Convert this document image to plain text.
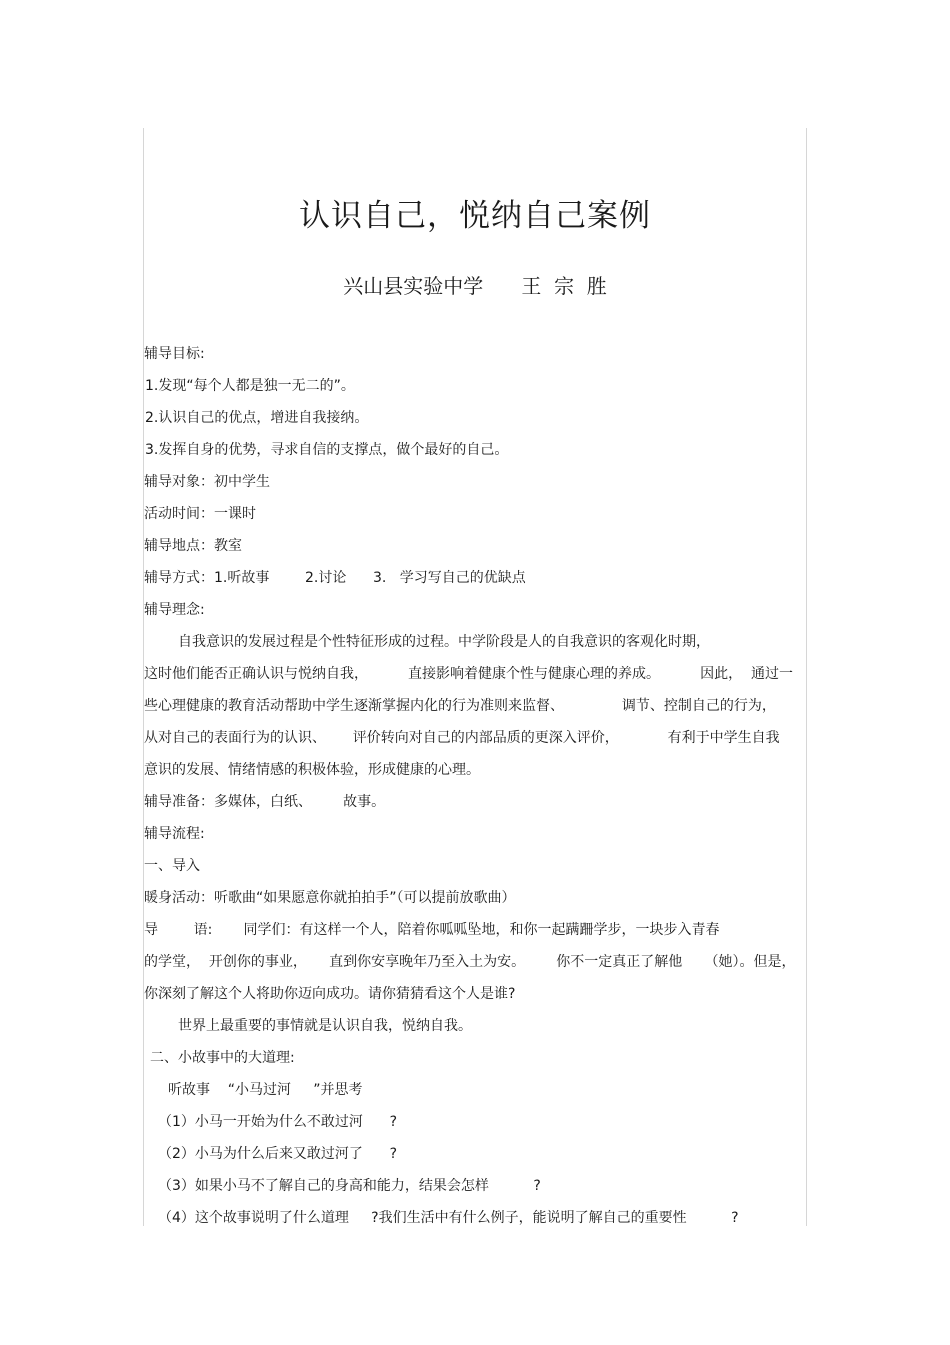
认识自己，悦纳自己案例
兴山县实验中学 王  宗  胜
辅导目标:
1.发现“每个人都是独一无二的”。
2.认识自己的优点，增进自我接纳。
3.发挥自身的优势，寻求自信的支撑点，做个最好的自己。
辅导对象：初中学生
活动时间：一课时
辅导地点：教室
辅导方式：1.听故事        2.讨论      3.   学习写自己的优缺点
辅导理念:
自我意识的发展过程是个性特征形成的过程。中学阶段是人的自我意识的客观化时期，
这时他们能否正确认识与悦纳自我，         直接影响着健康个性与健康心理的养成。         因此，  通过一
些心理健康的教育活动帮助中学生逐渐掌握内化的行为准则来监督、             调节、控制自己的行为，
从对自己的表面行为的认识、      评价转向对自己的内部品质的更深入评价，           有利于中学生自我
意识的发展、情绪情感的积极体验，形成健康的心理。
辅导准备：多媒体，白纸、       故事。
辅导流程:
一、导入
暖身活动：听歌曲“如果愿意你就拍拍手”（可以提前放歌曲）
导        语:       同学们：有这样一个人，陪着你呱呱坠地，和你一起蹒跚学步，一块步入青春
的学堂，  开创你的事业，     直到你安享晚年乃至入土为安。       你不一定真正了解他     （她）。但是，
你深刻了解这个人将助你迈向成功。请你猜猜看这个人是谁?
世界上最重要的事情就是认识自我，悦纳自我。
二、小故事中的大道理:
听故事    “小马过河     ”并思考
（1）小马一开始为什么不敢过河      ?
（2）小马为什么后来又敢过河了      ?
（3）如果小马不了解自己的身高和能力，结果会怎样          ?
（4）这个故事说明了什么道理     ?我们生活中有什么例子，能说明了解自己的重要性          ?
